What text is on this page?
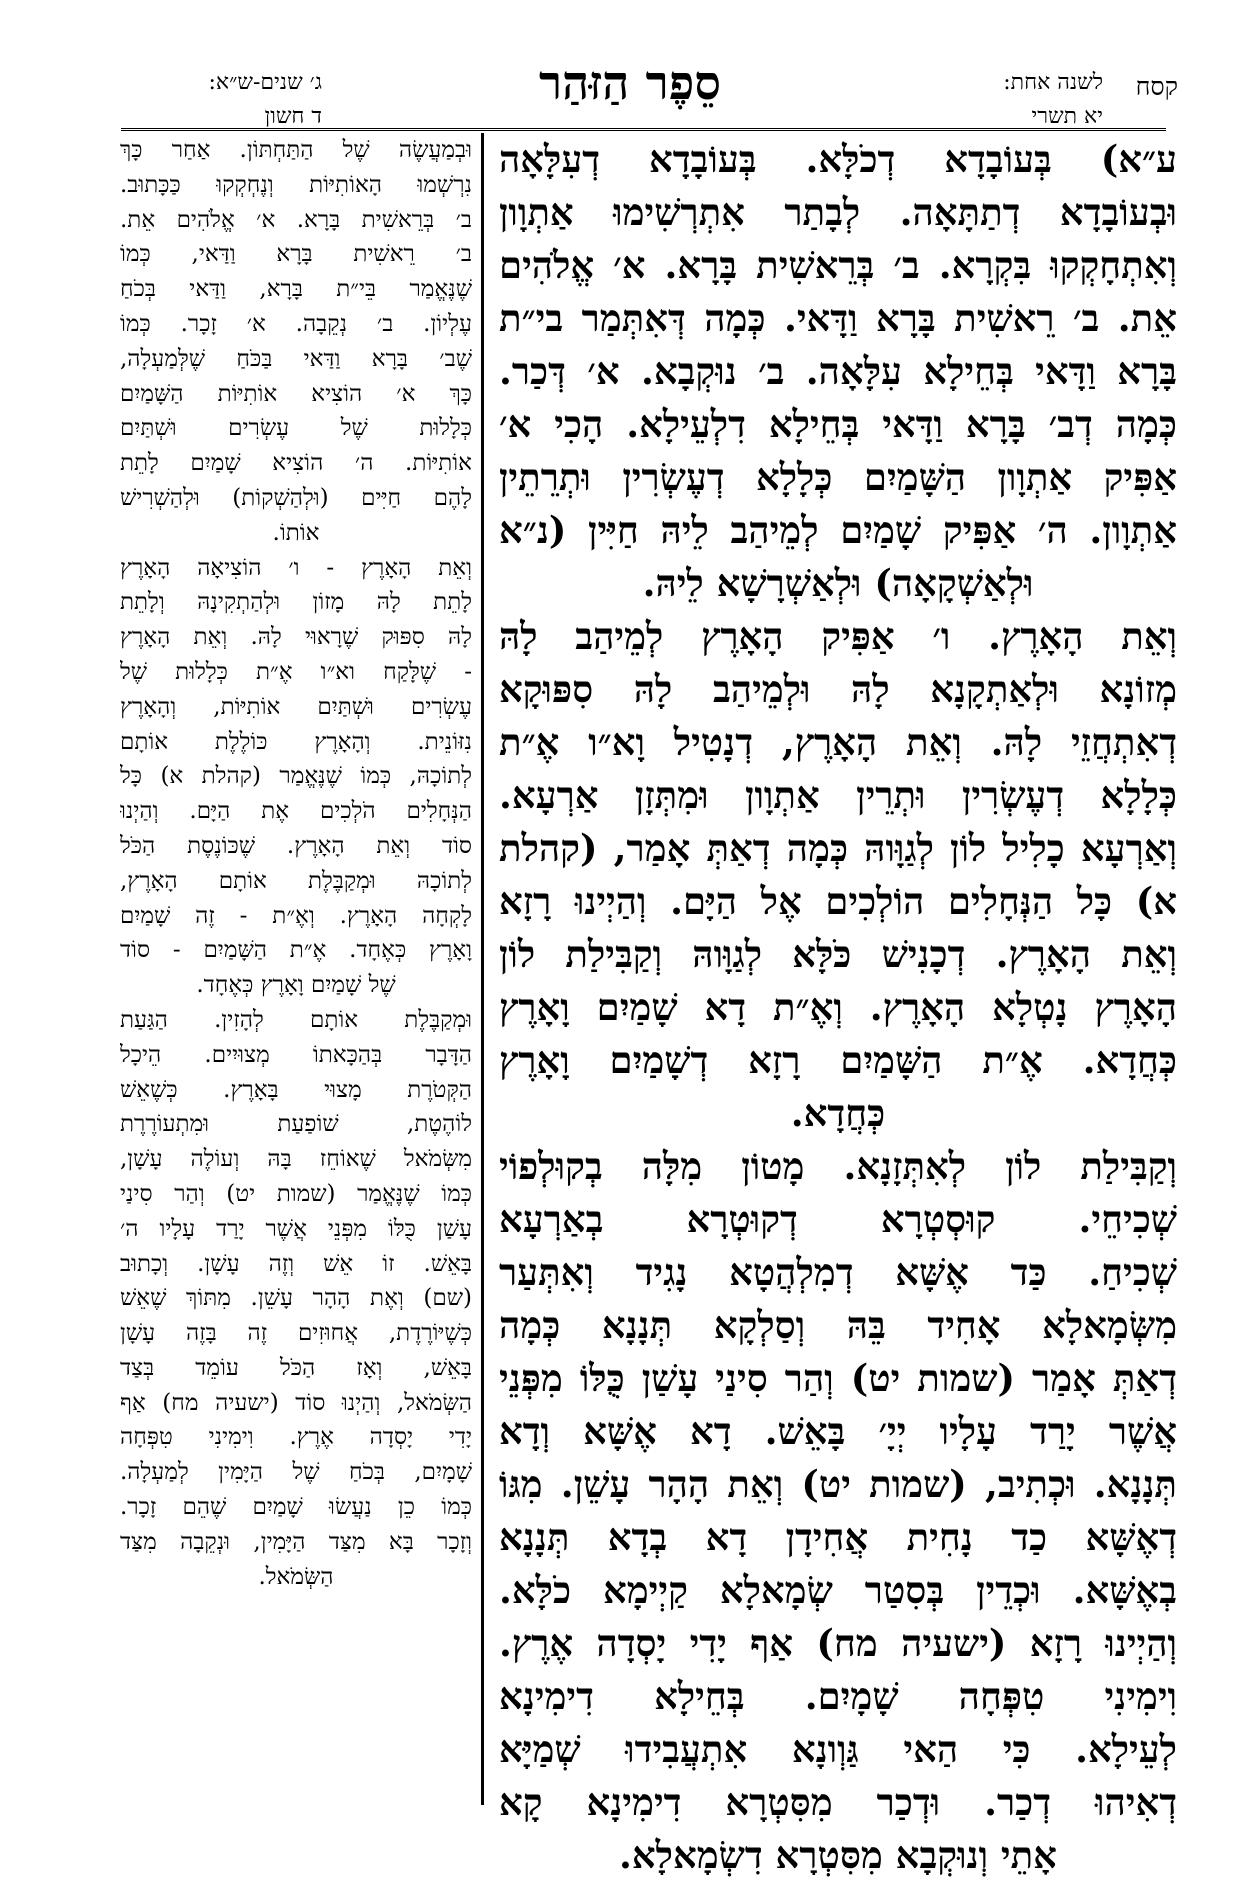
קסח
לשנה אחת:
יא תשרי
סֵפֶר הַזּהַר
ג׳ שנים-ש״א:
ד חשון
ע״א) בְּעוֹבָדָא דְכֹלָּא. בְּעוֹבָדָא דְעִלָּאָה
וּבְעוֹבָדָא דְתַתָּאָה. לְבָתַר אִתְרְשִׁימוּ אַתְוָון
וְאִתְחָקְקוּ בִּקְרָא. ב׳ בְּרֵאשִׁית בָּרָא. א׳ אֱלֹהִים
אֵת. ב׳ רֵאשִׁית בָּרָא וַדָּאי. כְּמָה דְּאִתְּמַר בי״ת
בָּרָא וַדָּאי בְּחֵילָא עִלָּאָה. ב׳ נוּקְבָא. א׳ דְּכַר.
כְּמָה דְב׳ בָּרָא וַדָּאי בְּחֵילָא דִלְעֵילָא. הָכִי א׳
אַפִּיק אַתְוָון הַשָּׁמַיִם כְּלָלָא דְעֶשְׂרִין וּתְרֵתֵין
אַתְוָון. ה׳ אַפִּיק שָׁמַיִם לְמֵיהַב לֵיהּ חַיִּין (נ״א
וּלְאַשְׁקָאָה) וּלְאַשְׁרָשָׁא לֵיהּ.
וְאֵת הָאָרֶץ. ו׳ אַפִּיק הָאָרֶץ לְמֵיהַב לָהּ
מְזוֹנָא וּלְאַתְקָנָא לָהּ וּלְמֵיהַב לָהּ סִפּוּקָא
דְאִתְחֲזֵי לָהּ. וְאֵת הָאָרֶץ, דְנָטִיל וָא״ו אֶ״ת
כְּלָלָא דְעֶשְׂרִין וּתְרֵין אַתְוָון וּמִתְּזָן אַרְעָא.
וְאַרְעָא כָלִיל לוֹן לְגַוָּוהּ כְּמָה דְאַתְּ אָמַר, (קהלת
א) כָּל הַנְּחָלִים הוֹלְכִים אֶל הַיָּם. וְהַיְינוּ רָזָא
וְאֵת הָאָרֶץ. דְכָנִישׁ כֹּלָּא לְגַוָּוהּ וְקַבִּילַת לוֹן
הָאָרֶץ נָטְלָא הָאָרֶץ. וְאֶ״ת דָא שָׁמַיִם וָאָרֶץ
כְּחֲדָא. אֶ״ת הַשָּׁמַיִם רָזָא דְשָׁמַיִם וָאָרֶץ
כְּחֲדָא.
וְקַבִּילַת לוֹן לְאִתְּזָנָא. מָטוֹן מִלָּה בְקוּלְפוֹי
שְׁכִיחֵי. קוּסְטְרָא דְקוּטְרָא בְאַרְעָא
שְׁכִיחַ. כַּד אֶשָּׁא דְמִלְהֲטָא נָגִיד וְאִתְּעַר
מִשְּׂמָאלָא אָחִיד בֵּהּ וְסַלְקָא תְּנָנָא כְּמָה
דְאַתְּ אָמַר (שמות יט) וְהַר סִינַי עָשַׁן כֻּלּוֹ מִפְּנֵי
אֲשֶׁר יָרַד עָלָיו יְיָ׳ בָּאֵשׁ. דָא אֶשָּׁא וְדָא
תְּנָנָא. וּכְתִיב, (שמות יט) וְאֵת הָהָר עָשֵׁן. מִגּוֹ
דְאֶשָּׁא כַד נָחִית אֲחִידָן דָא בְדָא תְּנָנָא
בְאֶשָּׁא. וּכְדֵין בְּסִטַר שְׂמָאלָא קַיְימָא כֹלָּא.
וְהַיְינוּ רָזָא (ישעיה מח) אַף יָדִי יָסְדָה אֶרֶץ.
וִימִינִי טִפְּחָה שָׁמָיִם. בְּחֵילָא דִימִינָא
לְעֵילָא. כִּי הַאי גַּוְונָא אִתְעֲבִידוּ שְׁמַיָּא
דְאִיהוּ דְכַר. וּדְכַר מִסִּטְרָא דִימִינָא קָא
אָתֵי וְנוּקְבָא מִסִּטְרָא דִשְׂמָאלָא.
וּבְמַעֲשֶׂה שֶׁל הַתַּחְתּוֹן. אַחַר כָּךְ
נִרְשְׁמוּ הָאוֹתִיּוֹת וְנֶחְקְקוּ כַּכָּתוּב.
ב׳ בְּרֵאשִׁית בָּרָא. א׳ אֱלֹהִים אֵת.
ב׳ רֵאשִׁית בָּרָא וַדַּאי, כְּמוֹ
שֶׁנֶּאֱמַר בֵּי״ת בָּרָא, וַדַּאי בְּכֹחַ
עֶלְיוֹן. ב׳ נְקֵבָה. א׳ זָכָר. כְּמוֹ
שֶׁב׳ בָּרָא וַדַּאי בַּכֹּחַ שֶׁלְּמַעְלָה,
כָּךְ א׳ הוֹצִיא אוֹתִיּוֹת הַשָּׁמַיִם
כְּלָלוּת שֶׁל עֶשְׂרִים וּשְׁתַּיִם
אוֹתִיּוֹת. ה׳ הוֹצִיא שָׁמַיִם לָתֵת
לָהֶם חַיִּים (וּלְהַשְׁקוֹת) וּלְהַשְׁרִישׁ
אוֹתוֹ.
וְאֵת הָאָרֶץ - ו׳ הוֹצִיאָה הָאָרֶץ
לָתֵת לָהּ מָזוֹן וּלְהַתְקִינָהּ וְלָתֵת
לָהּ סִפּוּק שֶׁרָאוּי לָהּ. וְאֵת הָאָרֶץ
- שֶׁלָּקַח וא״ו אֶ״ת כְּלָלוּת שֶׁל
עֶשְׂרִים וּשְׁתַּיִם אוֹתִיּוֹת, וְהָאָרֶץ
נִזּוֹנֵית. וְהָאָרֶץ כּוֹלֶלֶת אוֹתָם
לְתוֹכָהּ, כְּמוֹ שֶׁנֶּאֱמַר (קהלת א) כָּל
הַנְּחָלִים הֹלְכִים אֶת הַיָּם. וְהַיְנוּ
סוֹד וְאֵת הָאָרֶץ. שֶׁכּוֹנֶסֶת הַכֹּל
לְתוֹכָהּ וּמְקַבֶּלֶת אוֹתָם הָאָרֶץ,
לָקְחָה הָאָרֶץ. וְאֶ״ת - זֶה שָׁמַיִם
וָאָרֶץ כְּאֶחָד. אֶ״ת הַשָּׁמַיִם - סוֹד
שֶׁל שָׁמַיִם וָאָרֶץ כְּאֶחָד.
וּמְקַבֶּלֶת אוֹתָם לְהָזִין. הַגַּעַת
הַדָּבָר בְּהַכָּאתוֹ מְצוּיִים. הֵיכָל
הַקְּטֹרֶת מָצוּי בָּאָרֶץ. כְּשֶׁאֵשׁ
לוֹהֶטֶת, שׁוֹפַעַת וּמִתְעוֹרֶרֶת
מִשְּׂמֹאל שֶׁאוֹחֵז בָּהּ וְעוֹלֶה עָשָׁן,
כְּמוֹ שֶׁנֶּאֱמַר (שמות יט) וְהַר סִינַי
עָשַׁן כֻּלּוֹ מִפְּנֵי אֲשֶׁר יָרַד עָלָיו ה׳
בָּאֵשׁ. זוֹ אֵשׁ וְזֶה עָשָׁן. וְכָתוּב
(שם) וְאֶת הָהָר עָשֵׁן. מִתּוֹךְ שֶׁאֵשׁ
כְּשֶׁיּוֹרֶדֶת, אֲחוּזִים זֶה בָּזֶה עָשָׁן
בָּאֵשׁ, וְאָז הַכֹּל עוֹמֵד בְּצַד
הַשְּׂמֹאל, וְהַיְנוּ סוֹד (ישעיה מח) אַף
יָדִי יָסְדָה אֶרֶץ. וִימִינִי טִפְּחָה
שָׁמָיִם, בְּכֹחַ שֶׁל הַיָּמִין לְמַעְלָה.
כְּמוֹ כֵן נַעֲשׂוּ שָׁמַיִם שֶׁהֵם זָכָר.
וְזָכָר בָּא מִצַּד הַיָּמִין, וּנְקֵבָה מִצַּד
הַשְּׂמֹאל.
